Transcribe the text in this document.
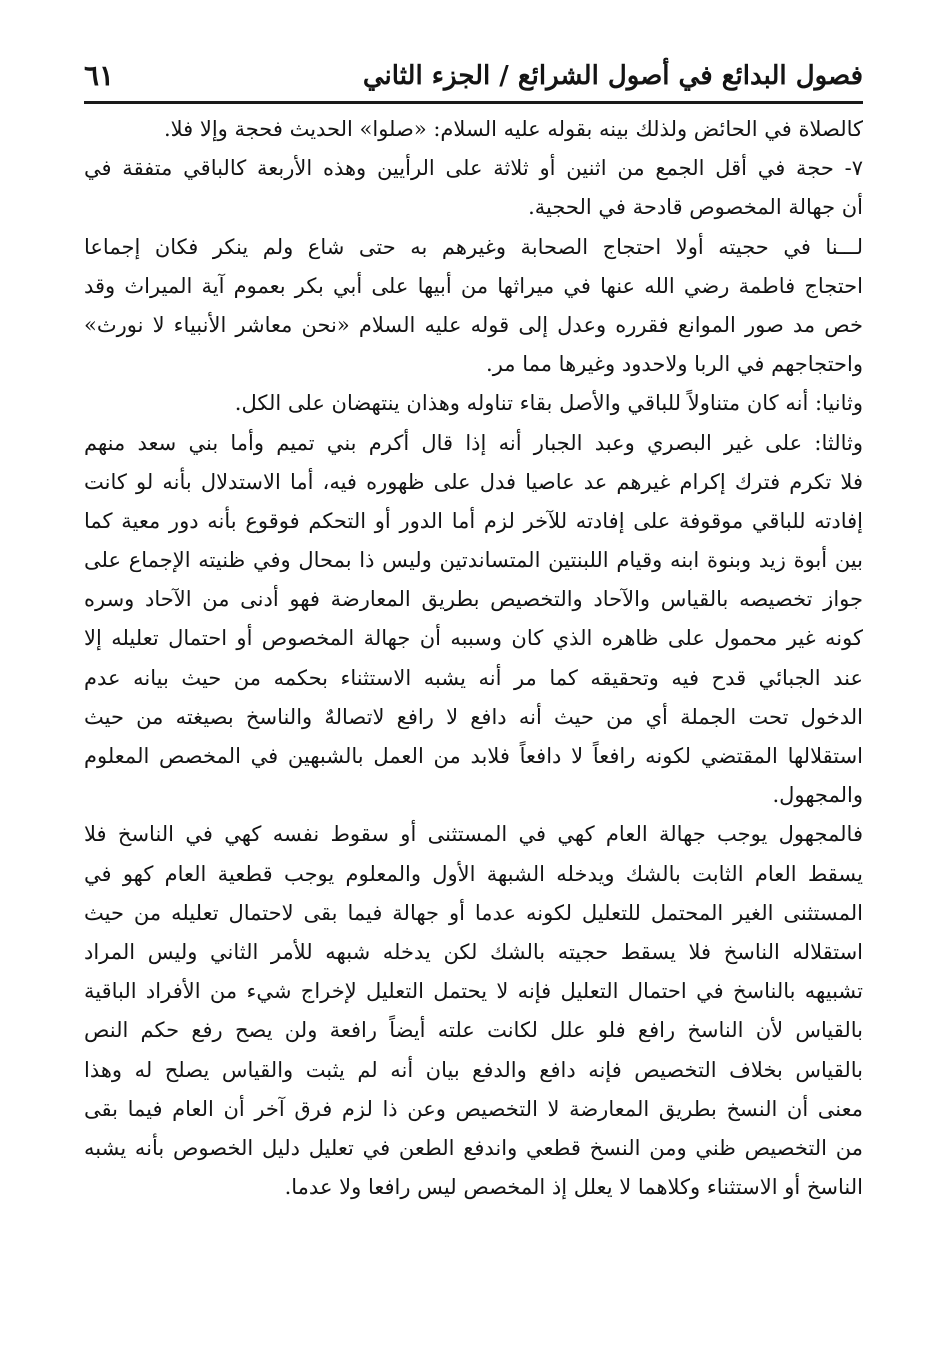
فصول البدائع في أصول الشرائع / الجزء الثاني
٦١
كالصلاة في الحائض ولذلك بينه بقوله عليه السلام: «صلوا» الحديث فحجة وإلا فلا.
٧- حجة في أقل الجمع من اثنين أو ثلاثة على الرأيين وهذه الأربعة كالباقي متفقة في
أن جهالة المخصوص قادحة في الحجية.
لـــنا في حجيته أولا احتجاج الصحابة وغيرهم به حتى شاع ولم ينكر فكان إجماعا
احتجاج فاطمة رضي الله عنها في ميراثها من أبيها على أبي بكر بعموم آية الميراث وقد
خص مد صور الموانع فقرره وعدل إلى قوله عليه السلام «نحن معاشر الأنبياء لا نورث»
واحتجاجهم في الربا ولاحدود وغيرها مما مر.
وثانيا: أنه كان متناولاً للباقي والأصل بقاء تناوله وهذان ينتهضان على الكل.
وثالثا: على غير البصري وعبد الجبار أنه إذا قال أكرم بني تميم وأما بني سعد منهم
فلا تكرم فترك إكرام غيرهم عد عاصيا فدل على ظهوره فيه، أما الاستدلال بأنه لو كانت
إفادته للباقي موقوفة على إفادته للآخر لزم أما الدور أو التحكم فوقوع بأنه دور معية كما
بين أبوة زيد وبنوة ابنه وقيام اللبنتين المتساندتين وليس ذا بمحال وفي ظنيته الإجماع على
جواز تخصيصه بالقياس والآحاد والتخصيص بطريق المعارضة فهو أدنى من الآحاد وسره
كونه غير محمول على ظاهره الذي كان وسببه أن جهالة المخصوص أو احتمال تعليله إلا
عند الجبائي قدح فيه وتحقيقه كما مر أنه يشبه الاستثناء بحكمه من حيث بيانه عدم
الدخول تحت الجملة أي من حيث أنه دافع لا رافع لاتصالهٌ والناسخ بصيغته من حيث
استقلالها المقتضي لكونه رافعاً لا دافعاً فلابد من العمل بالشبهين في المخصص المعلوم
والمجهول.
فالمجهول يوجب جهالة العام كهي في المستثنى أو سقوط نفسه كهي في الناسخ فلا
يسقط العام الثابت بالشك ويدخله الشبهة الأول والمعلوم يوجب قطعية العام كهو في
المستثنى الغير المحتمل للتعليل لكونه عدما أو جهالة فيما بقى لاحتمال تعليله من حيث
استقلاله الناسخ فلا يسقط حجيته بالشك لكن يدخله شبهه للأمر الثاني وليس المراد
تشبيهه بالناسخ في احتمال التعليل فإنه لا يحتمل التعليل لإخراج شيء من الأفراد الباقية
بالقياس لأن الناسخ رافع فلو علل لكانت علته أيضاً رافعة ولن يصح رفع حكم النص
بالقياس بخلاف التخصيص فإنه دافع والدفع بيان أنه لم يثبت والقياس يصلح له وهذا
معنى أن النسخ بطريق المعارضة لا التخصيص وعن ذا لزم فرق آخر أن العام فيما بقى
من التخصيص ظني ومن النسخ قطعي واندفع الطعن في تعليل دليل الخصوص بأنه يشبه
الناسخ أو الاستثناء وكلاهما لا يعلل إذ المخصص ليس رافعا ولا عدما.
